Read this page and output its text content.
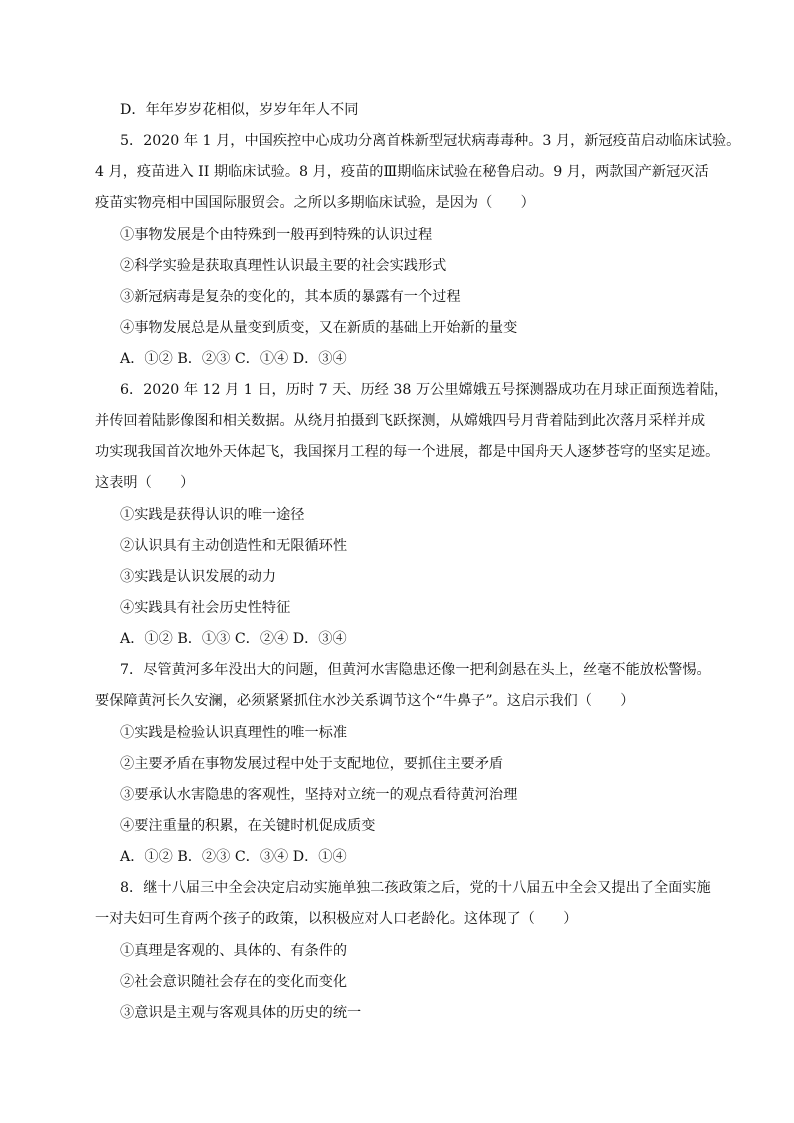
D．年年岁岁花相似，岁岁年年人不同
5．2020 年 1 月，中国疾控中心成功分离首株新型冠状病毒毒种。3 月，新冠疫苗启动临床试验。
4 月，疫苗进入 II 期临床试验。8 月，疫苗的Ⅲ期临床试验在秘鲁启动。9 月，两款国产新冠灭活
疫苗实物亮相中国国际服贸会。之所以多期临床试验，是因为（　　）
①事物发展是个由特殊到一般再到特殊的认识过程
②科学实验是获取真理性认识最主要的社会实践形式
③新冠病毒是复杂的变化的，其本质的暴露有一个过程
④事物发展总是从量变到质变，又在新质的基础上开始新的量变
A．①② B．②③ C．①④ D．③④
6．2020 年 12 月 1 日，历时 7 天、历经 38 万公里嫦娥五号探测器成功在月球正面预选着陆，
并传回着陆影像图和相关数据。从绕月拍摄到飞跃探测，从嫦娥四号月背着陆到此次落月采样并成
功实现我国首次地外天体起飞，我国探月工程的每一个进展，都是中国舟天人逐梦苍穹的坚实足迹。
这表明（　　）
①实践是获得认识的唯一途径
②认识具有主动创造性和无限循环性
③实践是认识发展的动力
④实践具有社会历史性特征
A．①② B．①③ C．②④ D．③④
7．尽管黄河多年没出大的问题，但黄河水害隐患还像一把利剑悬在头上，丝毫不能放松警惕。
要保障黄河长久安澜，必须紧紧抓住水沙关系调节这个“牛鼻子”。这启示我们（　　）
①实践是检验认识真理性的唯一标准
②主要矛盾在事物发展过程中处于支配地位，要抓住主要矛盾
③要承认水害隐患的客观性，坚持对立统一的观点看待黄河治理
④要注重量的积累，在关键时机促成质变
A．①② B．②③ C．③④ D．①④
8．继十八届三中全会决定启动实施单独二孩政策之后，党的十八届五中全会又提出了全面实施
一对夫妇可生育两个孩子的政策，以积极应对人口老龄化。这体现了（　　）
①真理是客观的、具体的、有条件的
②社会意识随社会存在的变化而变化
③意识是主观与客观具体的历史的统一
